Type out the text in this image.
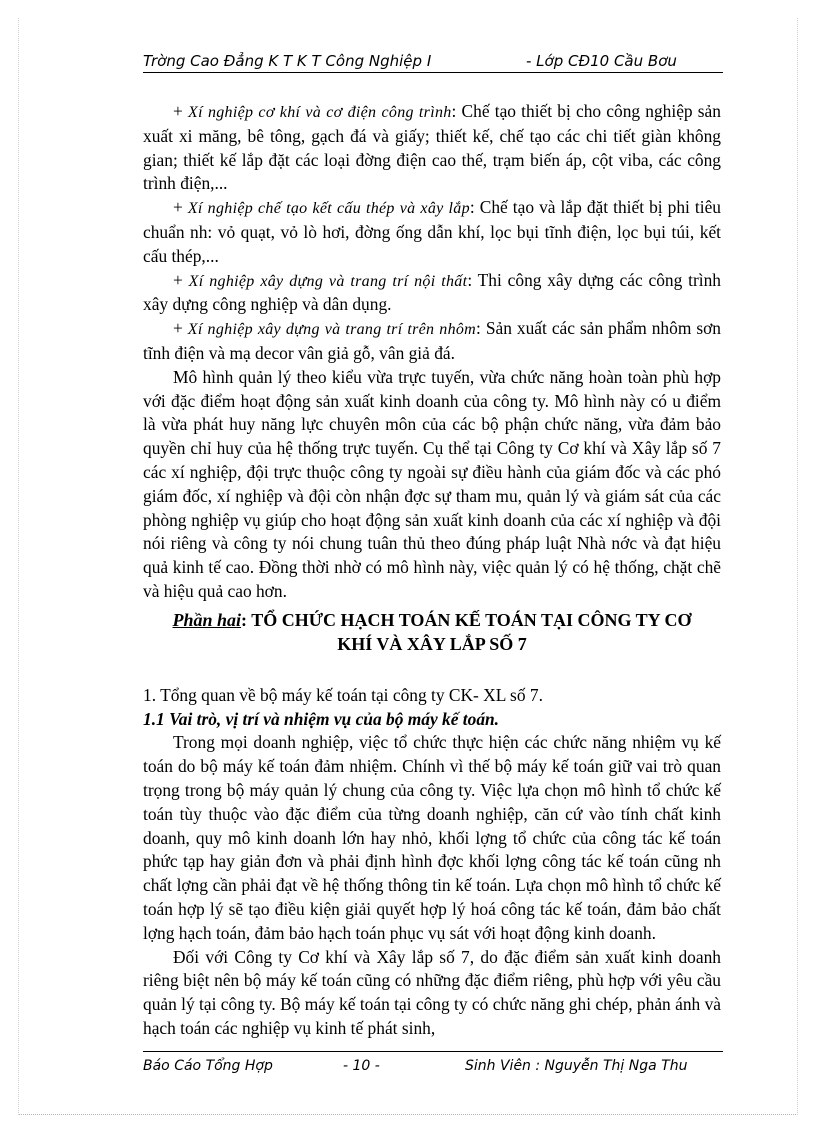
Trờng Cao Đẳng K T K T Công Nghiệp I	- Lớp CĐ10 Cầu Bơu

+ Xí nghiệp cơ khí và cơ điện công trình: Chế tạo thiết bị cho công nghiệp sản xuất xi măng, bê tông, gạch đá và giấy; thiết kế, chế tạo các chi tiết giàn không gian; thiết kế lắp đặt các loại đờng điện cao thế, trạm biến áp, cột viba, các công trình điện,...

+ Xí nghiệp chế tạo kết cấu thép và xây lắp: Chế tạo và lắp đặt thiết bị phi tiêu chuẩn nh: vỏ quạt, vỏ lò hơi, đờng ống dẫn khí, lọc bụi tĩnh điện, lọc bụi túi, kết cấu thép,...

+ Xí nghiệp xây dựng và trang trí nội thất: Thi công xây dựng các công trình xây dựng công nghiệp và dân dụng.

+ Xí nghiệp xây dựng và trang trí trên nhôm: Sản xuất các sản phẩm nhôm sơn tĩnh điện và mạ decor vân giả gỗ, vân giả đá.

Mô hình quản lý theo kiểu vừa trực tuyến, vừa chức năng hoàn toàn phù hợp với đặc điểm hoạt động sản xuất kinh doanh của công ty. Mô hình này có u điểm là vừa phát huy năng lực chuyên môn của các bộ phận chức năng, vừa đảm bảo quyền chỉ huy của hệ thống trực tuyến. Cụ thể tại Công ty Cơ khí và Xây lắp số 7 các xí nghiệp, đội trực thuộc công ty ngoài sự điều hành của giám đốc và các phó giám đốc, xí nghiệp và đội còn nhận đợc sự tham mu, quản lý và giám sát của các phòng nghiệp vụ giúp cho hoạt động sản xuất kinh doanh của các xí nghiệp và đội nói riêng và công ty nói chung tuân thủ theo đúng pháp luật Nhà nớc và đạt hiệu quả kinh tế cao. Đồng thời nhờ có mô hình này, việc quản lý có hệ thống, chặt chẽ và hiệu quả cao hơn.

Phần hai: TỔ CHỨC HẠCH TOÁN KẾ TOÁN TẠI CÔNG TY CƠ
KHÍ VÀ XÂY LẮP SỐ 7

1. Tổng quan về bộ máy kế toán tại công ty CK- XL số 7.

1.1 Vai trò, vị trí và nhiệm vụ của bộ máy kế toán.

Trong mọi doanh nghiệp, việc tổ chức thực hiện các chức năng nhiệm vụ kế toán do bộ máy kế toán đảm nhiệm. Chính vì thế bộ máy kế toán giữ vai trò quan trọng trong bộ máy quản lý chung của công ty. Việc lựa chọn mô hình tổ chức kế toán tùy thuộc vào đặc điểm của từng doanh nghiệp, căn cứ vào tính chất kinh doanh, quy mô kinh doanh lớn hay nhỏ, khối lợng tổ chức của công tác kế toán phức tạp hay giản đơn và phải định hình đợc khối lợng công tác kế toán cũng nh chất lợng cần phải đạt về hệ thống thông tin kế toán. Lựa chọn mô hình tổ chức kế toán hợp lý sẽ tạo điều kiện giải quyết hợp lý hoá công tác kế toán, đảm bảo chất lợng hạch toán, đảm bảo hạch toán phục vụ sát với hoạt động kinh doanh.

Đối với Công ty Cơ khí và Xây lắp số 7, do đặc điểm sản xuất kinh doanh riêng biệt nên bộ máy kế toán cũng có những đặc điểm riêng, phù hợp với yêu cầu quản lý tại công ty. Bộ máy kế toán tại công ty có chức năng ghi chép, phản ánh và hạch toán các nghiệp vụ kinh tế phát sinh,

Báo Cáo Tổng Hợp	- 10 -	Sinh Viên : Nguyễn Thị Nga Thu
